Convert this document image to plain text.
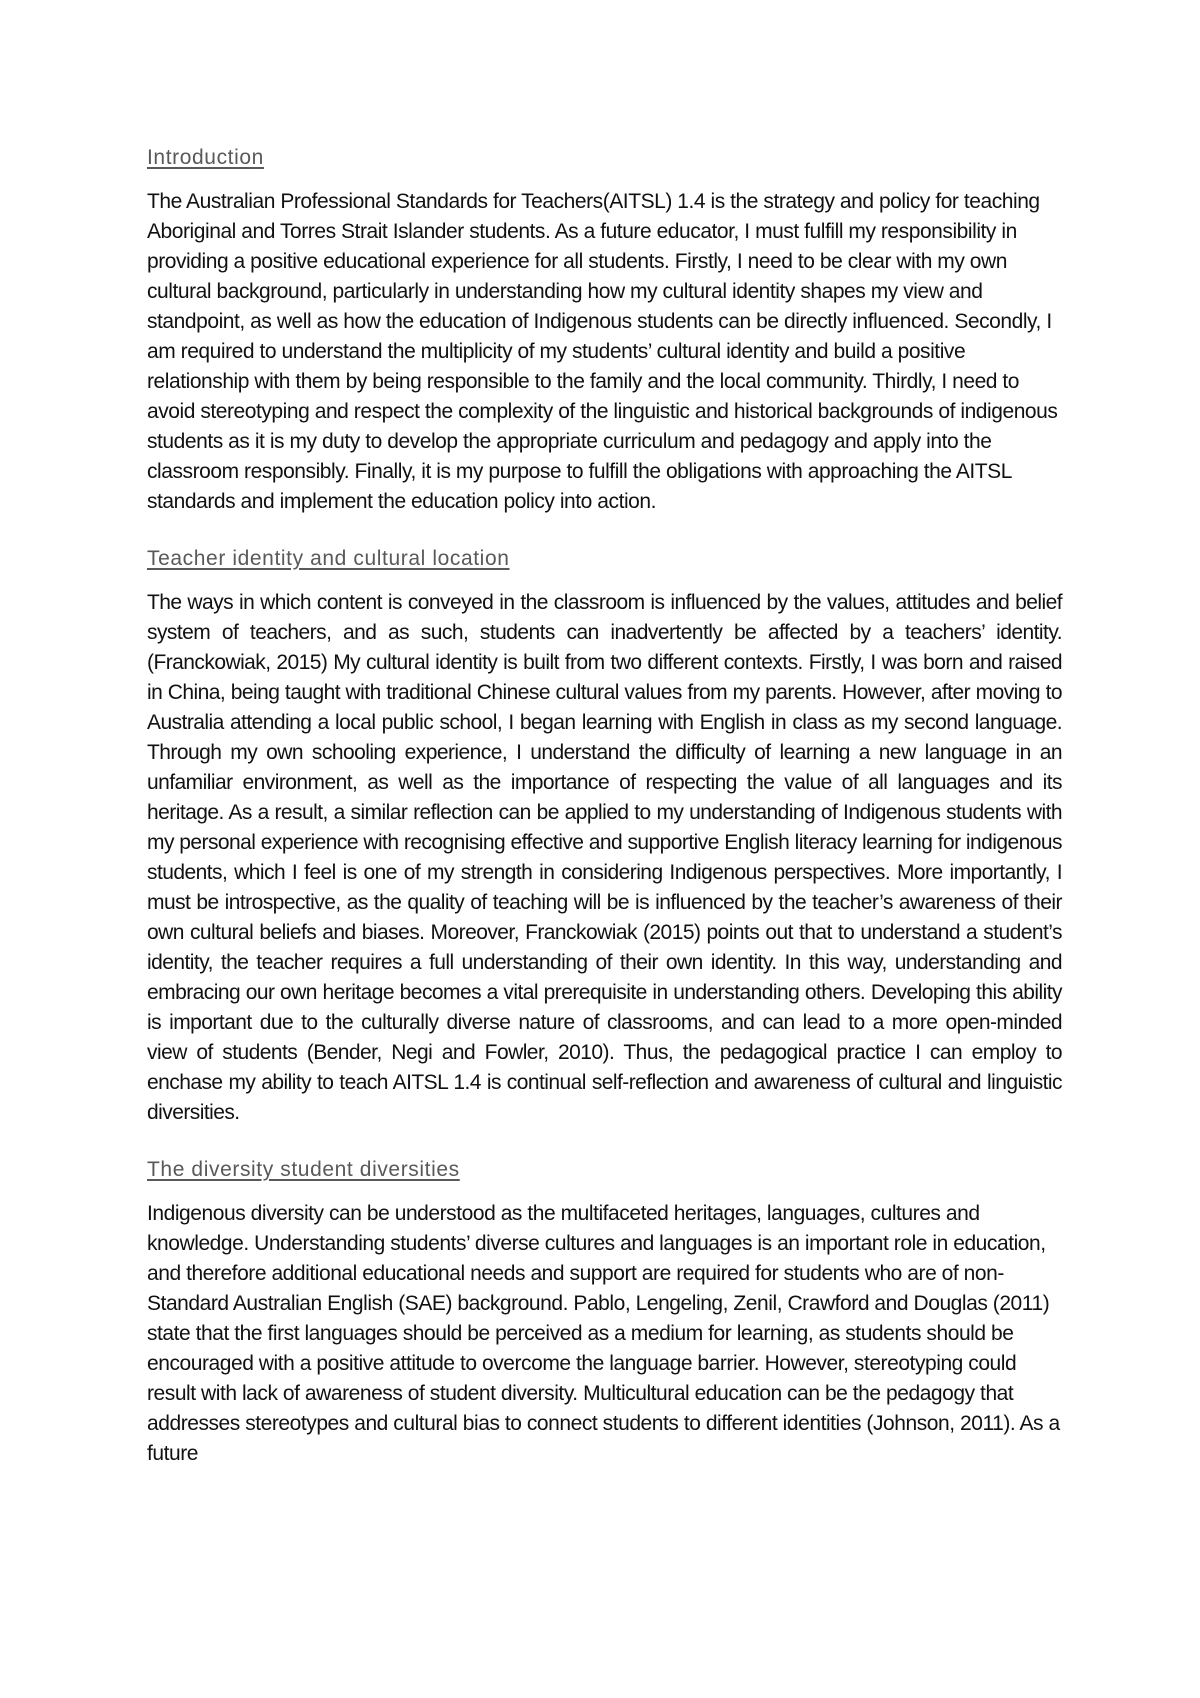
Introduction

The Australian Professional Standards for Teachers(AITSL) 1.4 is the strategy and policy for teaching Aboriginal and Torres Strait Islander students. As a future educator, I must fulfill my responsibility in providing a positive educational experience for all students. Firstly, I need to be clear with my own cultural background, particularly in understanding how my cultural identity shapes my view and standpoint, as well as how the education of Indigenous students can be directly influenced. Secondly, I am required to understand the multiplicity of my students’ cultural identity and build a positive relationship with them by being responsible to the family and the local community. Thirdly, I need to avoid stereotyping and respect the complexity of the linguistic and historical backgrounds of indigenous students as it is my duty to develop the appropriate curriculum and pedagogy and apply into the classroom responsibly. Finally, it is my purpose to fulfill the obligations with approaching the AITSL standards and implement the education policy into action.

Teacher identity and cultural location

The ways in which content is conveyed in the classroom is influenced by the values, attitudes and belief system of teachers, and as such, students can inadvertently be affected by a teachers’ identity. (Franckowiak, 2015) My cultural identity is built from two different contexts. Firstly, I was born and raised in China, being taught with traditional Chinese cultural values from my parents. However, after moving to Australia attending a local public school, I began learning with English in class as my second language. Through my own schooling experience, I understand the difficulty of learning a new language in an unfamiliar environment, as well as the importance of respecting the value of all languages and its heritage. As a result, a similar reflection can be applied to my understanding of Indigenous students with my personal experience with recognising effective and supportive English literacy learning for indigenous students, which I feel is one of my strength in considering Indigenous perspectives. More importantly, I must be introspective, as the quality of teaching will be is influenced by the teacher’s awareness of their own cultural beliefs and biases. Moreover, Franckowiak (2015) points out that to understand a student’s identity, the teacher requires a full understanding of their own identity. In this way, understanding and embracing our own heritage becomes a vital prerequisite in understanding others. Developing this ability is important due to the culturally diverse nature of classrooms, and can lead to a more open-minded view of students (Bender, Negi and Fowler, 2010). Thus, the pedagogical practice I can employ to enchase my ability to teach AITSL 1.4 is continual self-reflection and awareness of cultural and linguistic diversities.

The diversity student diversities

Indigenous diversity can be understood as the multifaceted heritages, languages, cultures and knowledge. Understanding students’ diverse cultures and languages is an important role in education, and therefore additional educational needs and support are required for students who are of non-Standard Australian English (SAE) background. Pablo, Lengeling, Zenil, Crawford and Douglas (2011) state that the first languages should be perceived as a medium for learning, as students should be encouraged with a positive attitude to overcome the language barrier. However, stereotyping could result with lack of awareness of student diversity. Multicultural education can be the pedagogy that addresses stereotypes and cultural bias to connect students to different identities (Johnson, 2011). As a future
